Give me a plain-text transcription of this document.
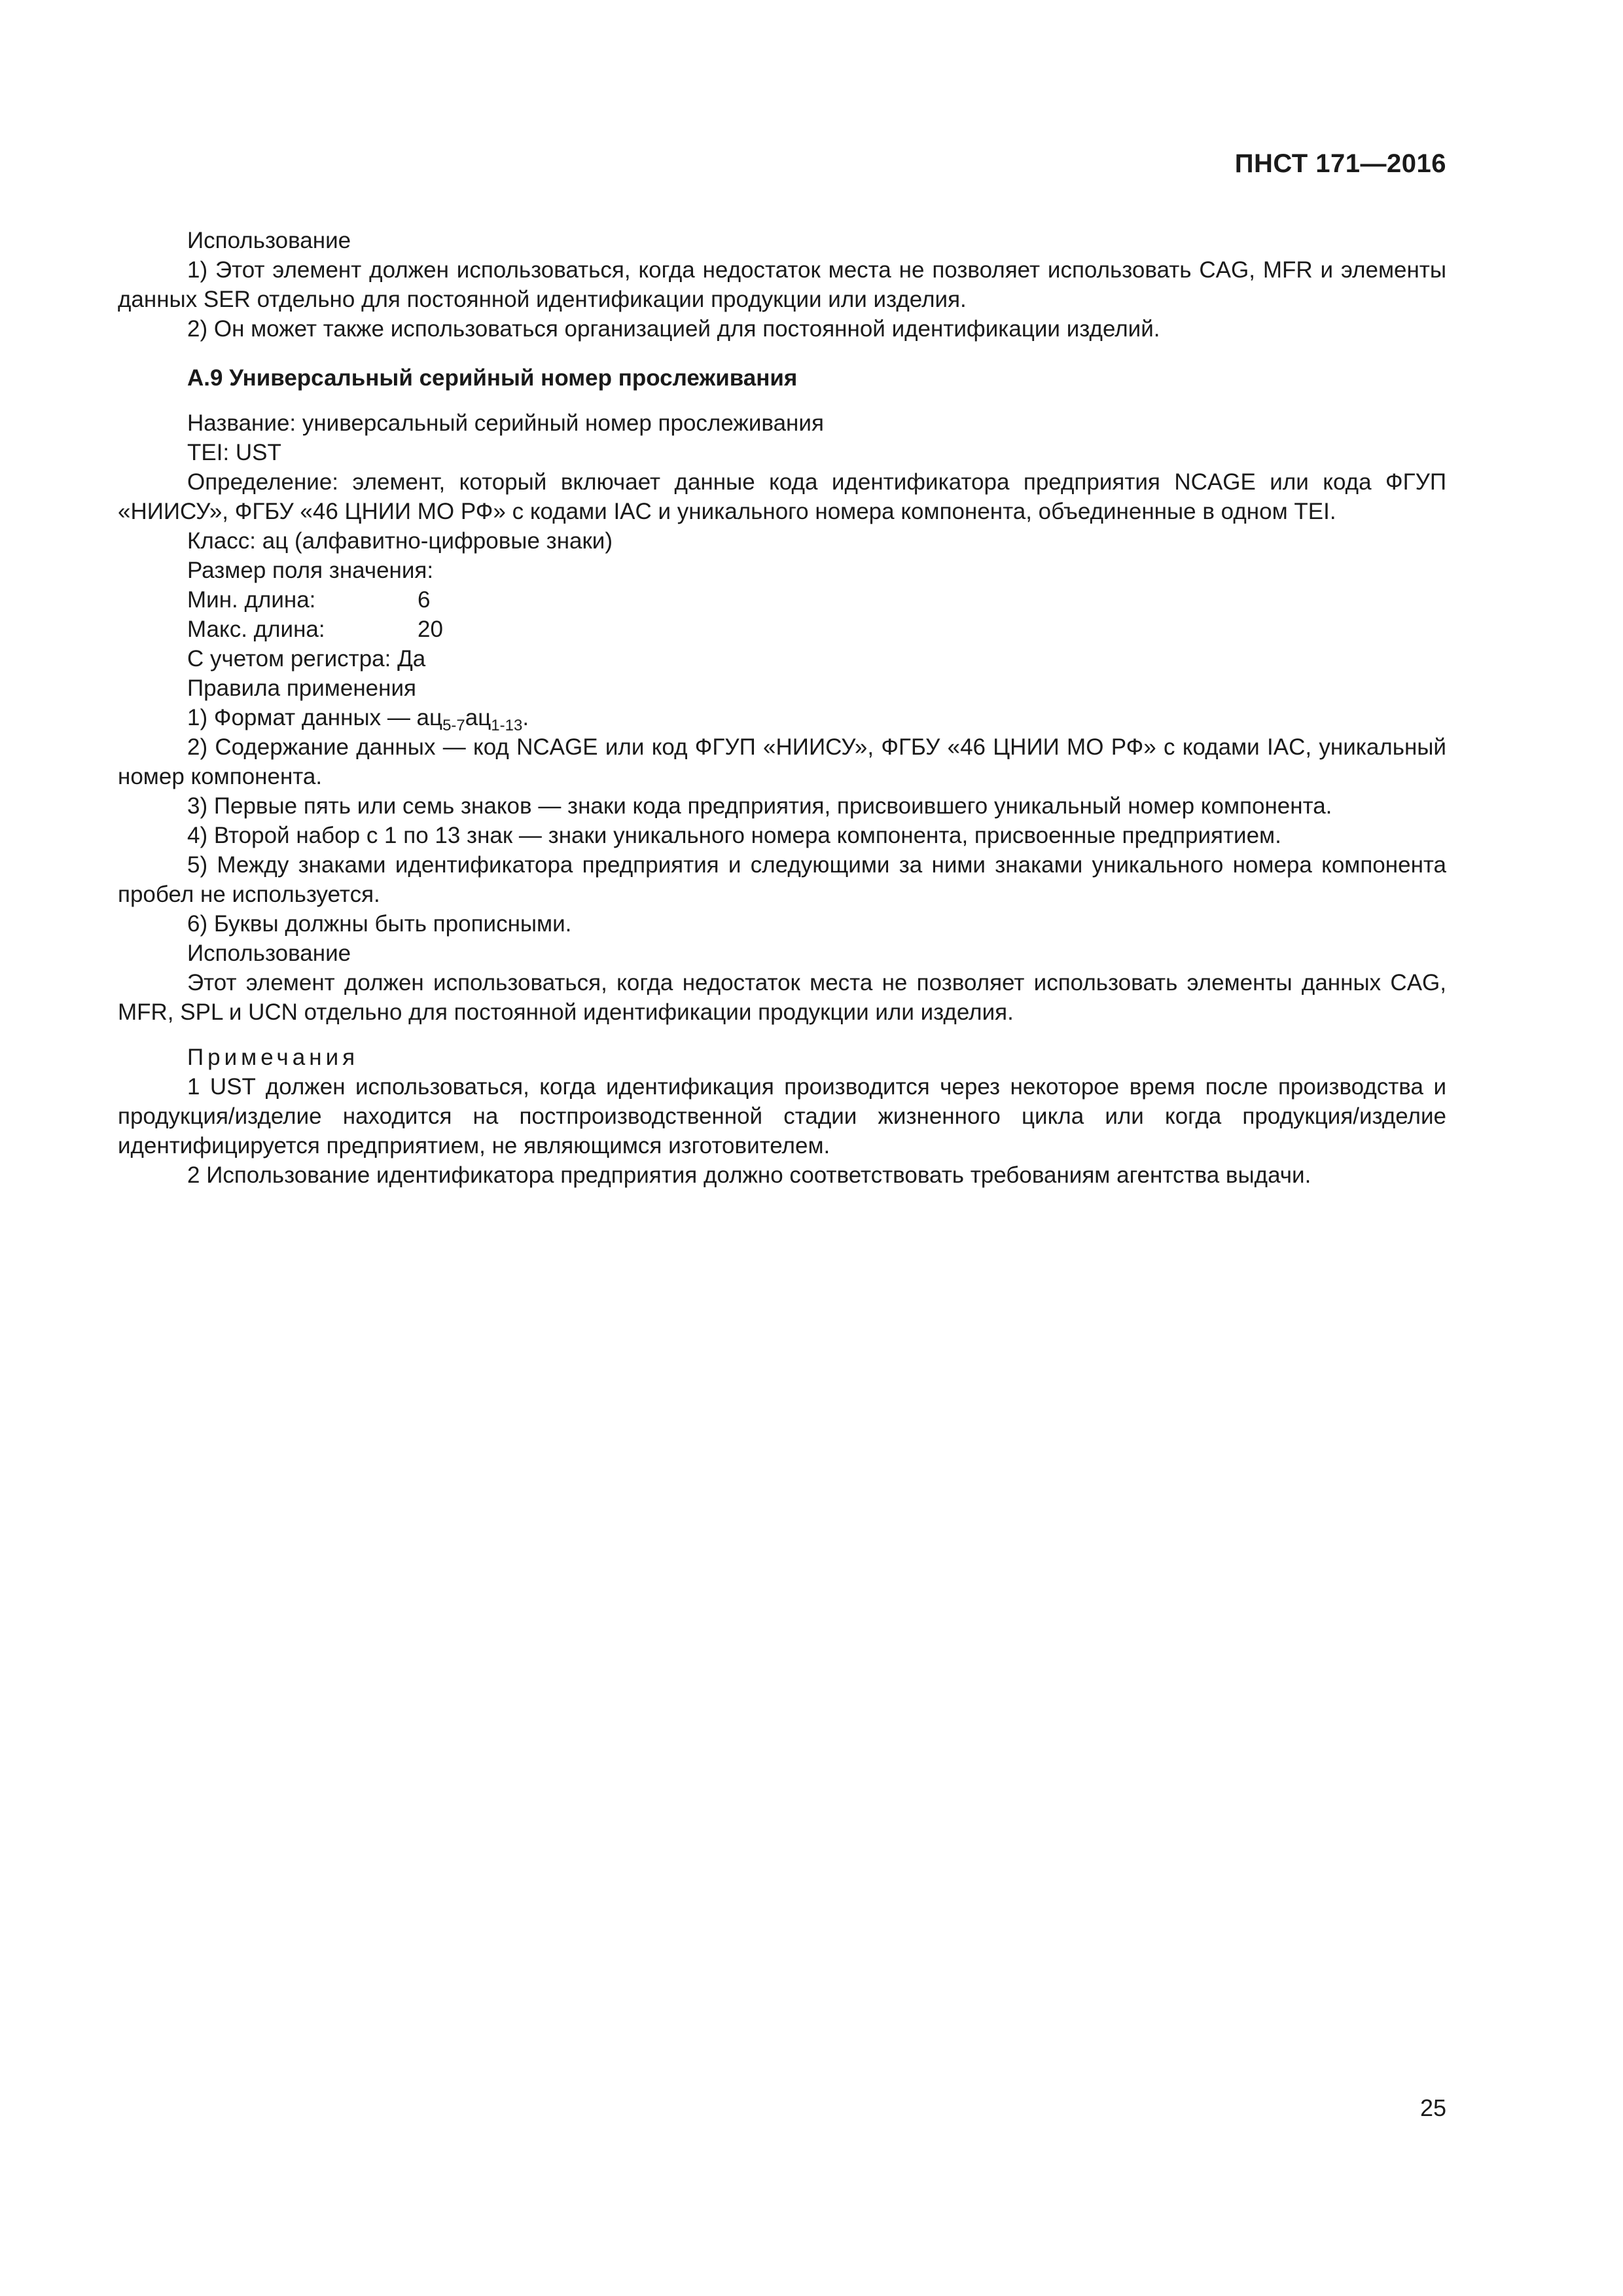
ПНСТ 171—2016

Использование

1) Этот элемент должен использоваться, когда недостаток места не позволяет использовать CAG, MFR и элементы данных SER отдельно для постоянной идентификации продукции или изделия.

2) Он может также использоваться организацией для постоянной идентификации изделий.

А.9 Универсальный серийный номер прослеживания

Название: универсальный серийный номер прослеживания

TEI: UST

Определение: элемент, который включает данные кода идентификатора предприятия NCAGE или кода ФГУП «НИИСУ», ФГБУ «46 ЦНИИ МО РФ» с кодами IAC и уникального номера компонента, объединенные в одном TEI.

Класс: ац (алфавитно-цифровые знаки)

Размер поля значения:

Мин. длина:	6
Макс. длина:	20

С учетом регистра: Да

Правила применения

1) Формат данных — $ац_{5-7}ац_{1-13}$.

2) Содержание данных — код NCAGE или код ФГУП «НИИСУ», ФГБУ «46 ЦНИИ МО РФ» с кодами IAC, уникальный номер компонента.

3) Первые пять или семь знаков — знаки кода предприятия, присвоившего уникальный номер компонента.

4) Второй набор с 1 по 13 знак — знаки уникального номера компонента, присвоенные предприятием.

5) Между знаками идентификатора предприятия и следующими за ними знаками уникального номера компонента пробел не используется.

6) Буквы должны быть прописными.

Использование

Этот элемент должен использоваться, когда недостаток места не позволяет использовать элементы данных CAG, MFR, SPL и UCN отдельно для постоянной идентификации продукции или изделия.

Примечания

1 UST должен использоваться, когда идентификация производится через некоторое время после производства и продукция/изделие находится на постпроизводственной стадии жизненного цикла или когда продукция/изделие идентифицируется предприятием, не являющимся изготовителем.

2 Использование идентификатора предприятия должно соответствовать требованиям агентства выдачи.

25
